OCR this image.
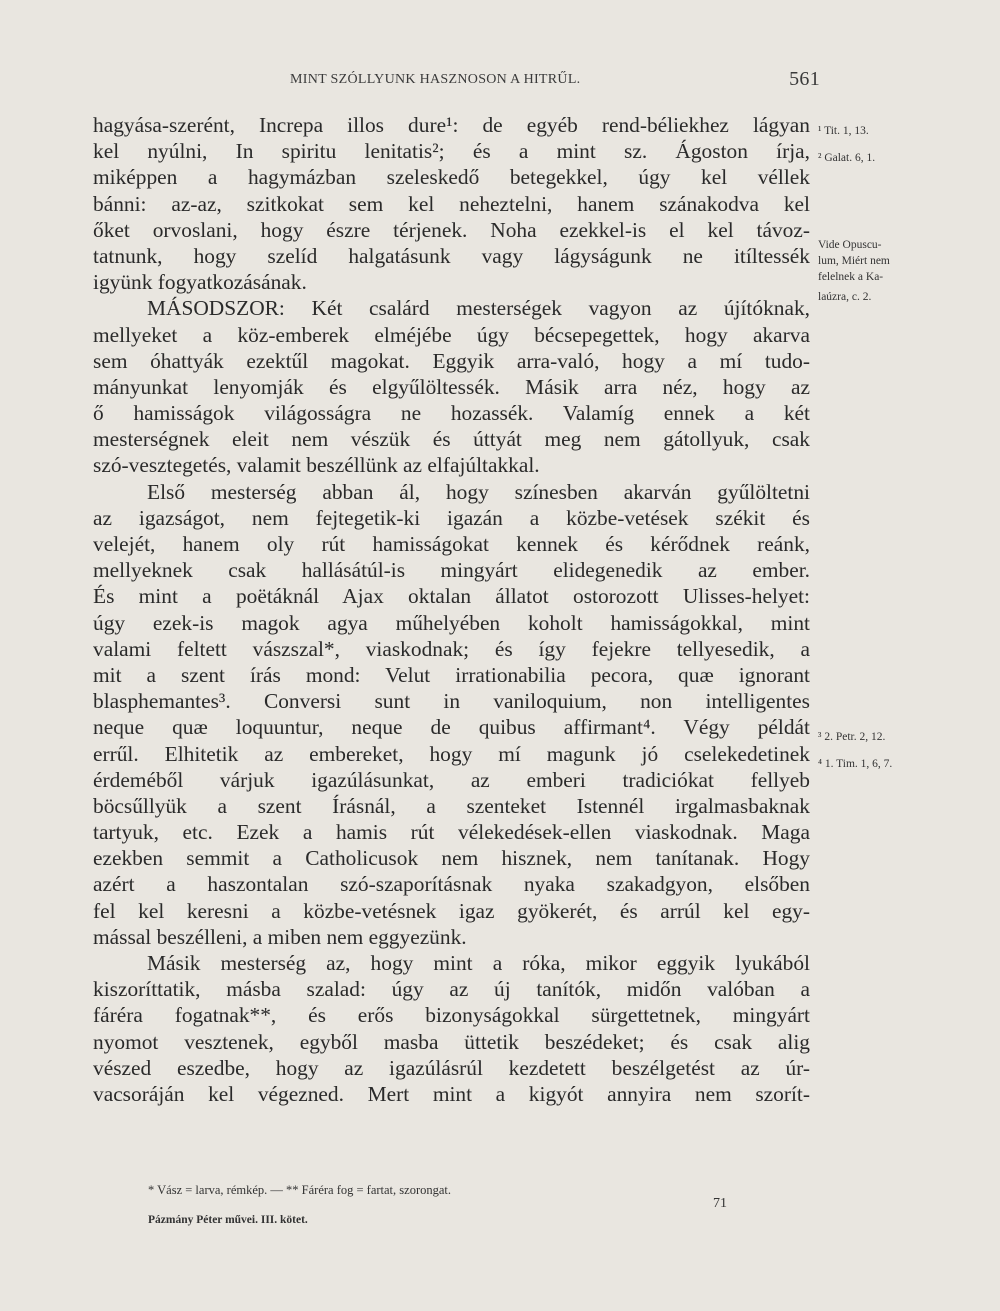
MINT SZÓLLYUNK HASZNOSON A HITRŰL.	561
hagyása-szerént, Increpa illos dure¹: de egyéb rend-béliekhez lágyan
kel nyúlni, In spiritu lenitatis²; és a mint sz. Ágoston írja,
miképpen a hagymázban szeleskedő betegekkel, úgy kel véllek
bánni: az-az, szitkokat sem kel neheztelni, hanem szánakodva kel
őket orvoslani, hogy észre térjenek. Noha ezekkel-is el kel távoz-
tatnunk, hogy szelíd halgatásunk vagy lágyságunk ne itíltessék
igyünk fogyatkozásának.
MÁSODSZOR: Két csalárd mesterségek vagyon az újítóknak,
mellyeket a köz-emberek elméjébe úgy bécsepegettek, hogy akarva
sem óhattyák ezektűl magokat. Eggyik arra-való, hogy a mí tudo-
mányunkat lenyomják és elgyűlöltessék. Másik arra néz, hogy az
ő hamisságok világosságra ne hozassék. Valamíg ennek a két
mesterségnek eleit nem vészük és úttyát meg nem gátollyuk, csak
szó-vesztegetés, valamit beszéllünk az elfajúltakkal.
Első mesterség abban ál, hogy színesben akarván gyűlöltetni
az igazságot, nem fejtegetik-ki igazán a közbe-vetések székit és
velejét, hanem oly rút hamisságokat kennek és kérődnek reánk,
mellyeknek csak hallásátúl-is mingyárt elidegenedik az ember.
És mint a poëtáknál Ajax oktalan állatot ostorozott Ulisses-helyet:
úgy ezek-is magok agya műhelyében koholt hamisságokkal, mint
valami feltett vászszal*, viaskodnak; és így fejekre tellyesedik, a
mit a szent írás mond: Velut irrationabilia pecora, quæ ignorant
blasphemantes³. Conversi sunt in vaniloquium, non intelligentes
neque quæ loquuntur, neque de quibus affirmant⁴. Végy példát
errűl. Elhitetik az embereket, hogy mí magunk jó cselekedetinek
érdeméből várjuk igazúlásunkat, az emberi tradiciókat fellyeb
böcsűllyük a szent Írásnál, a szenteket Istennél irgalmasbaknak
tartyuk, etc. Ezek a hamis rút vélekedések-ellen viaskodnak. Maga
ezekben semmit a Catholicusok nem hisznek, nem tanítanak. Hogy
azért a haszontalan szó-szaporításnak nyaka szakadgyon, elsőben
fel kel keresni a közbe-vetésnek igaz gyökerét, és arrúl kel egy-
mással beszélleni, a miben nem eggyezünk.
Másik mesterség az, hogy mint a róka, mikor eggyik lyukából
kiszoríttatik, másba szalad: úgy az új tanítók, midőn valóban a
fáréra fogatnak**, és erős bizonyságokkal sürgettetnek, mingyárt
nyomot vesztenek, egyből masba üttetik beszédeket; és csak alig
vészed eszedbe, hogy az igazúlásrúl kezdetett beszélgetést az úr-
vacsoráján kel végezned. Mert mint a kigyót annyira nem szorít-
¹ Tit. 1, 13.
² Galat. 6, 1.
Vide Opuscu-
lum, Miért nem
felelnek a Ka-
laúzra, c. 2.
³ 2. Petr. 2, 12.
⁴ 1. Tim. 1, 6, 7.
* Vász = larva, rémkép. — ** Fáréra fog = fartat, szorongat.
71
Pázmány Péter művei. III. kötet.
